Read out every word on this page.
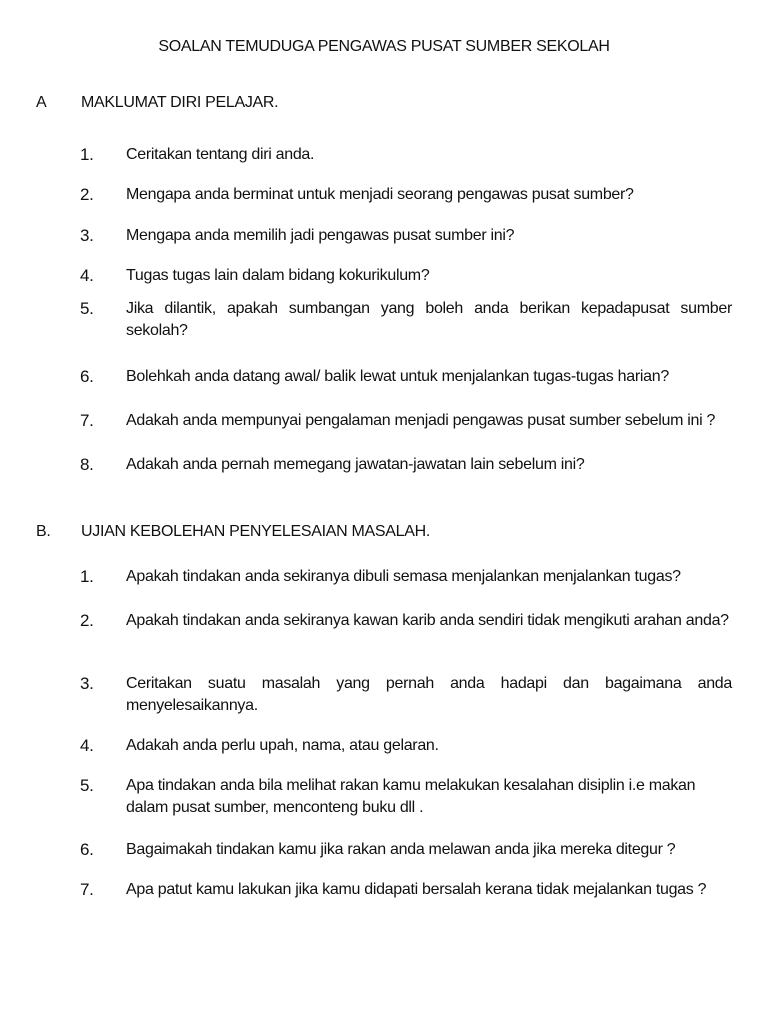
SOALAN TEMUDUGA PENGAWAS PUSAT SUMBER SEKOLAH
A MAKLUMAT DIRI PELAJAR.
1. Ceritakan tentang diri anda.
2. Mengapa anda berminat untuk menjadi seorang pengawas pusat sumber?
3. Mengapa anda memilih jadi pengawas pusat sumber ini?
4. Tugas tugas lain dalam bidang kokurikulum?
5. Jika dilantik, apakah sumbangan yang boleh anda berikan kepadapusat sumber sekolah?
6. Bolehkah anda datang awal/ balik lewat untuk menjalankan tugas-tugas harian?
7. Adakah anda mempunyai pengalaman menjadi pengawas pusat sumber sebelum ini ?
8. Adakah anda pernah memegang jawatan-jawatan lain sebelum ini?
B. UJIAN KEBOLEHAN PENYELESAIAN MASALAH.
1. Apakah tindakan anda sekiranya dibuli semasa menjalankan menjalankan tugas?
2. Apakah tindakan anda sekiranya kawan karib anda sendiri tidak mengikuti arahan anda?
3. Ceritakan suatu masalah yang pernah anda hadapi dan bagaimana anda menyelesaikannya.
4. Adakah anda perlu upah, nama, atau gelaran.
5. Apa tindakan anda bila melihat rakan kamu melakukan kesalahan disiplin i.e makan dalam pusat sumber, menconteng buku dll .
6. Bagaimakah tindakan kamu jika rakan anda melawan anda jika mereka ditegur ?
7. Apa patut kamu lakukan jika kamu didapati bersalah kerana tidak mejalankan tugas ?
